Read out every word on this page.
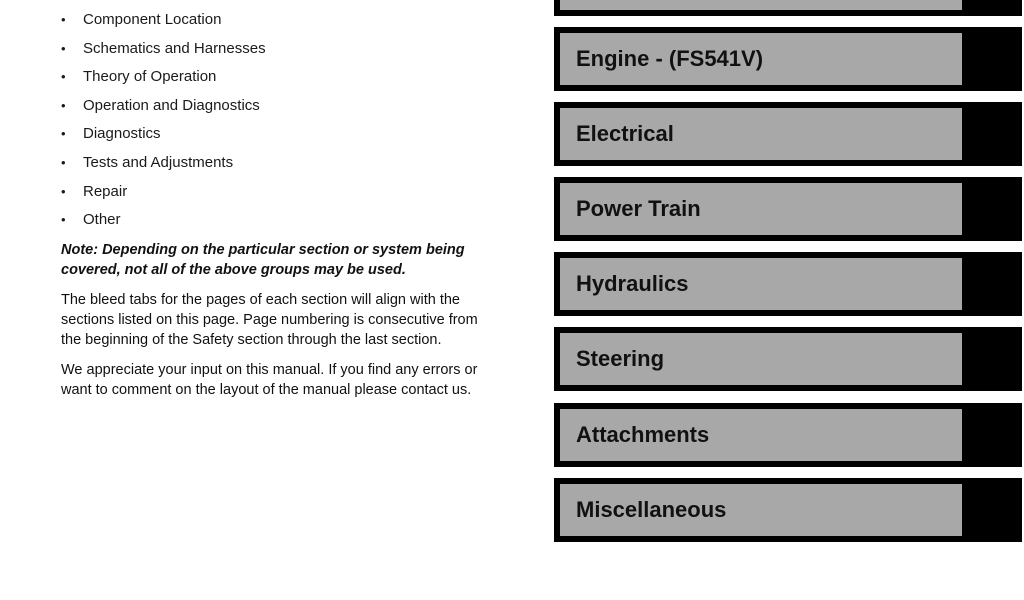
• Component Location
• Schematics and Harnesses
• Theory of Operation
• Operation and Diagnostics
• Diagnostics
• Tests and Adjustments
• Repair
• Other

Note: Depending on the particular section or system being covered, not all of the above groups may be used.

The bleed tabs for the pages of each section will align with the sections listed on this page. Page numbering is consecutive from the beginning of the Safety section through the last section.

We appreciate your input on this manual. If you find any errors or want to comment on the layout of the manual please contact us.

Engine - (FS541V)
Electrical
Power Train
Hydraulics
Steering
Attachments
Miscellaneous
